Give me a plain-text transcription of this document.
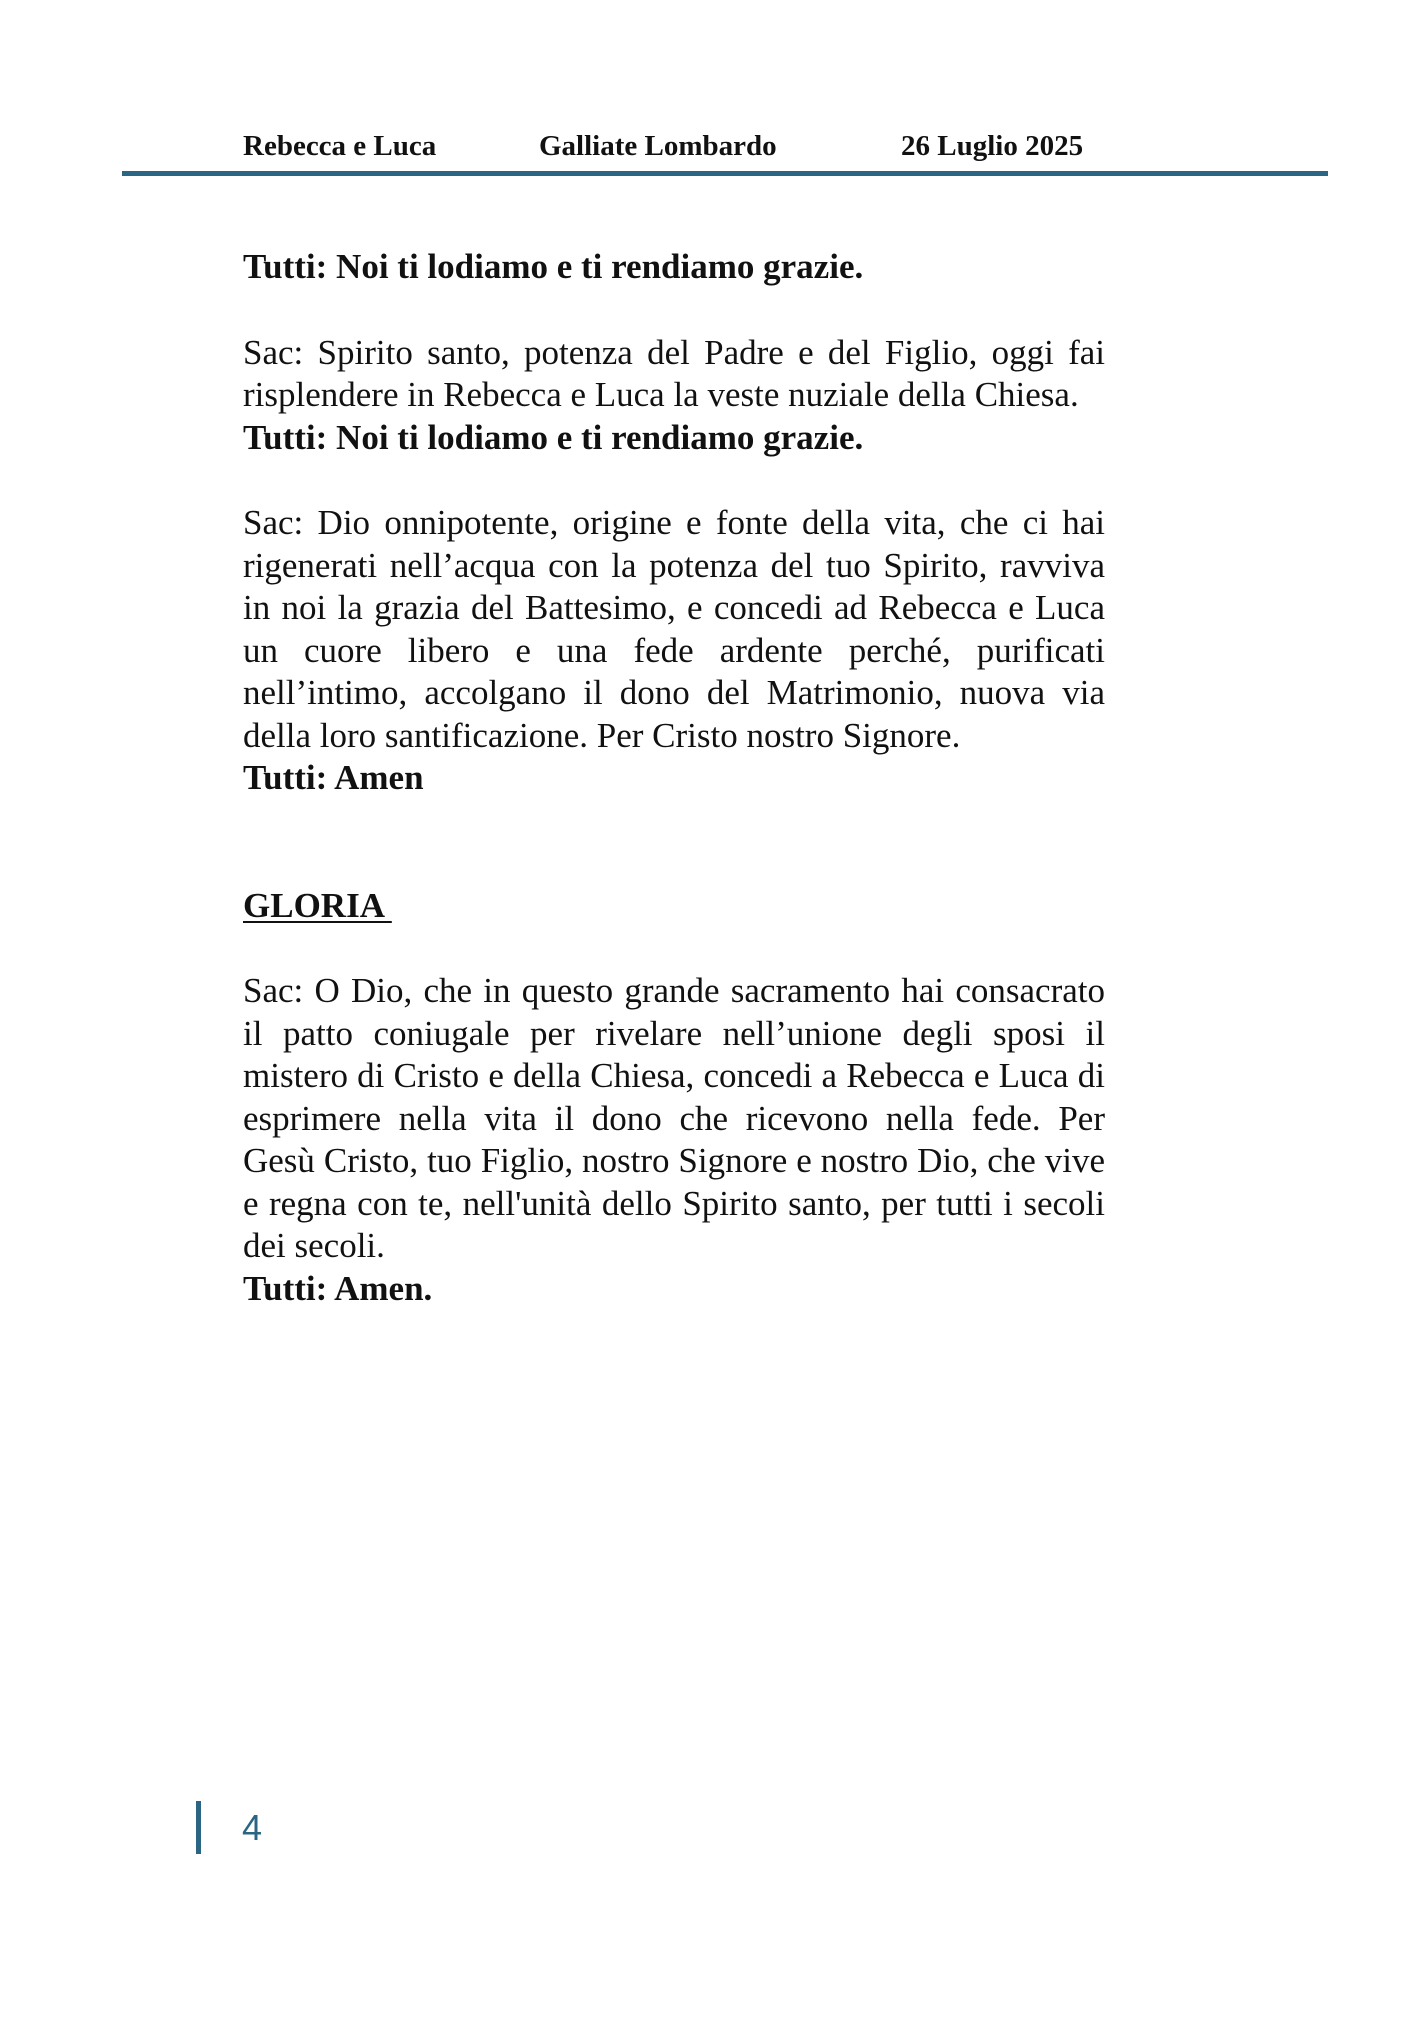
Rebecca e Luca	Galliate Lombardo	26 Luglio 2025

Tutti: Noi ti lodiamo e ti rendiamo grazie.

Sac: Spirito santo, potenza del Padre e del Figlio, oggi fai risplendere in Rebecca e Luca la veste nuziale della Chiesa.

Tutti: Noi ti lodiamo e ti rendiamo grazie.

Sac: Dio onnipotente, origine e fonte della vita, che ci hai rigenerati nell’acqua con la potenza del tuo Spirito, ravviva in noi la grazia del Battesimo, e concedi ad Rebecca e Luca un cuore libero e una fede ardente perché, purificati nell’intimo, accolgano il dono del Matrimonio, nuova via della loro santificazione. Per Cristo nostro Signore.

Tutti: Amen

GLORIA

Sac: O Dio, che in questo grande sacramento hai consacrato il patto coniugale per rivelare nell’unione degli sposi il mistero di Cristo e della Chiesa, concedi a Rebecca e Luca di esprimere nella vita il dono che ricevono nella fede. Per Gesù Cristo, tuo Figlio, nostro Signore e nostro Dio, che vive e regna con te, nell'unità dello Spirito santo, per tutti i secoli dei secoli.

Tutti: Amen.

4
